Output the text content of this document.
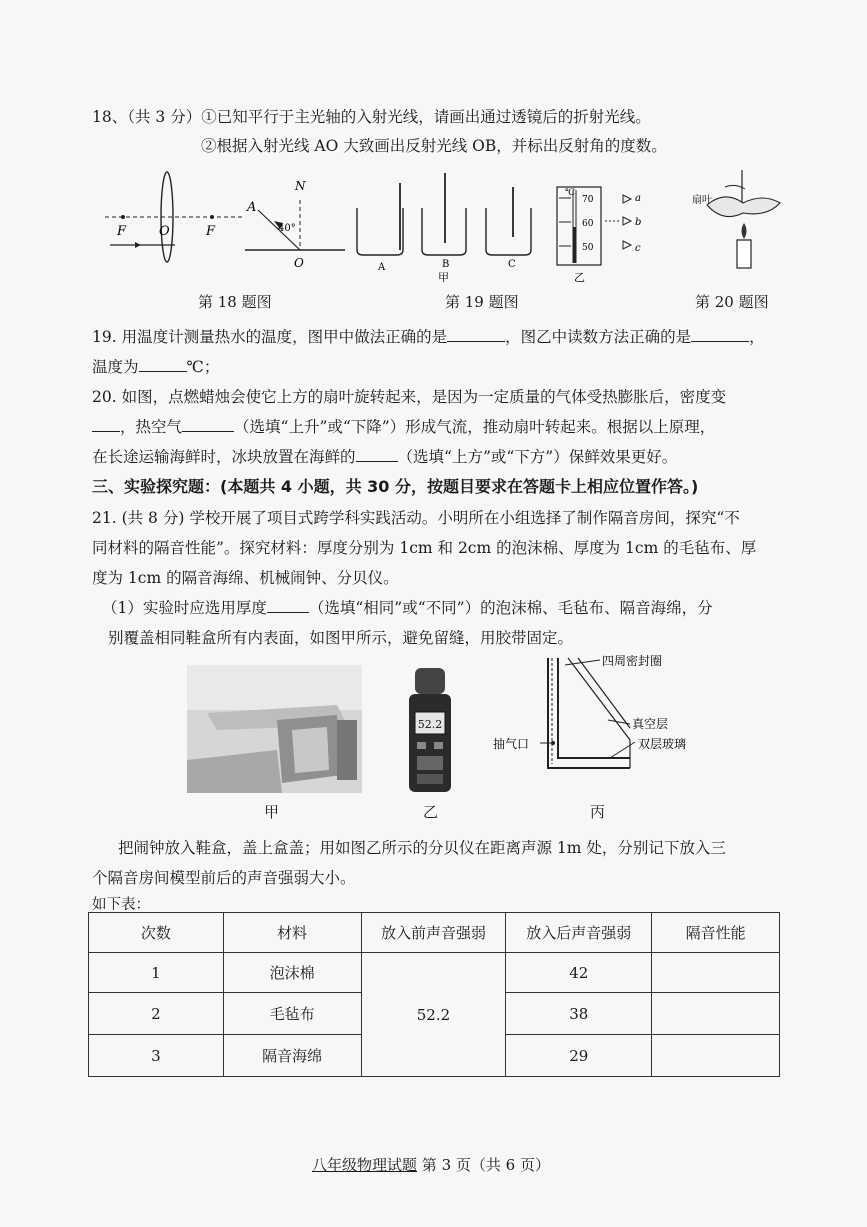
18、（共 3 分）①已知平行于主光轴的入射光线，请画出通过透镜后的折射光线。
②根据入射光线 AO 大致画出反射光线 OB，并标出反射角的度数。
F	O	F
A
N
40°
O	A	B	C
甲
℃
70
60
50
a
b
c
乙
扇叶
第 18 题图	第 19 题图	第 20 题图
19. 用温度计测量热水的温度，图甲中做法正确的是	，图乙中读数方法正确的是	，
温度为	℃；
20. 如图，点燃蜡烛会使它上方的扇叶旋转起来，是因为一定质量的气体受热膨胀后，密度变
，热空气	（选填“上升”或“下降”）形成气流，推动扇叶转起来。根据以上原理，
在长途运输海鲜时，冰块放置在海鲜的	（选填“上方”或“下方”）保鲜效果更好。
三、实验探究题：(本题共 4 小题，共 30 分，按题目要求在答题卡上相应位置作答。)
21. (共 8 分) 学校开展了项目式跨学科实践活动。小明所在小组选择了制作隔音房间，探究“不
同材料的隔音性能”。探究材料：厚度分别为 1cm 和 2cm 的泡沫棉、厚度为 1cm 的毛毡布、厚
度为 1cm 的隔音海绵、机械闹钟、分贝仪。
（1）实验时应选用厚度	（选填“相同”或“不同”）的泡沫棉、毛毡布、隔音海绵，分
别覆盖相同鞋盒所有内表面，如图甲所示，避免留缝，用胶带固定。
甲
52.2
乙
四周密封圈
真空层
抽气口	双层玻璃
丙
把闹钟放入鞋盒，盖上盒盖；用如图乙所示的分贝仪在距离声源 1m 处，分别记下放入三
个隔音房间模型前后的声音强弱大小。
如下表：
次数	材料	放入前声音强弱	放入后声音强弱	隔音性能
1	泡沫棉	52.2	42	
2	毛毡布		38	
3	隔音海绵		29	
八年级物理试题 第 3 页（共 6 页）
